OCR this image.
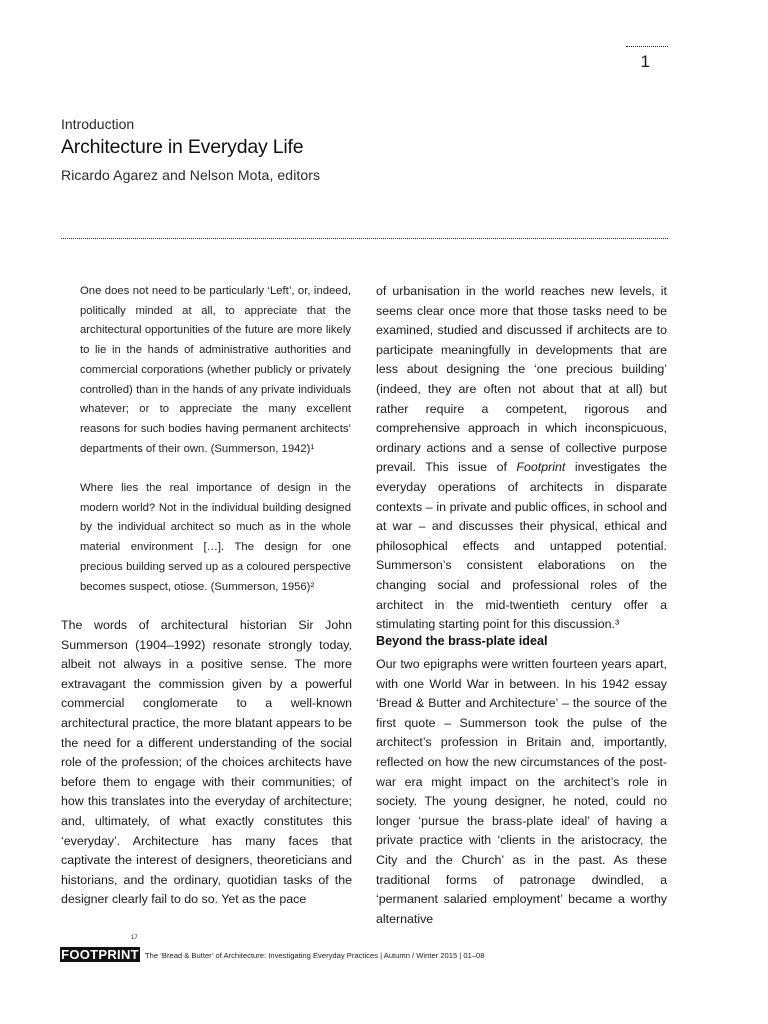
1
Introduction
Architecture in Everyday Life
Ricardo Agarez and Nelson Mota, editors

One does not need to be particularly ‘Left’, or, indeed, politically minded at all, to appreciate that the architectural opportunities of the future are more likely to lie in the hands of administrative authorities and commercial corporations (whether publicly or privately controlled) than in the hands of any private individuals whatever; or to appreciate the many excellent reasons for such bodies having permanent architects’ departments of their own. (Summerson, 1942)¹

Where lies the real importance of design in the modern world? Not in the individual building designed by the individual architect so much as in the whole material environment […]. The design for one precious building served up as a coloured perspective becomes suspect, otiose. (Summerson, 1956)²

The words of architectural historian Sir John Summerson (1904–1992) resonate strongly today, albeit not always in a positive sense. The more extravagant the commission given by a powerful commercial conglomerate to a well-known architectural practice, the more blatant appears to be the need for a different understanding of the social role of the profession; of the choices architects have before them to engage with their communities; of how this translates into the everyday of architecture; and, ultimately, of what exactly constitutes this ‘everyday’. Architecture has many faces that captivate the interest of designers, theoreticians and historians, and the ordinary, quotidian tasks of the designer clearly fail to do so. Yet as the pace

of urbanisation in the world reaches new levels, it seems clear once more that those tasks need to be examined, studied and discussed if architects are to participate meaningfully in developments that are less about designing the ‘one precious building’ (indeed, they are often not about that at all) but rather require a competent, rigorous and comprehensive approach in which inconspicuous, ordinary actions and a sense of collective purpose prevail. This issue of Footprint investigates the everyday operations of architects in disparate contexts – in private and public offices, in school and at war – and discusses their physical, ethical and philosophical effects and untapped potential. Summerson’s consistent elaborations on the changing social and professional roles of the architect in the mid-twentieth century offer a stimulating starting point for this discussion.³

Beyond the brass-plate ideal

Our two epigraphs were written fourteen years apart, with one World War in between. In his 1942 essay ‘Bread & Butter and Architecture’ – the source of the first quote – Summerson took the pulse of the architect’s profession in Britain and, importantly, reflected on how the new circumstances of the post-war era might impact on the architect’s role in society. The young designer, he noted, could no longer ‘pursue the brass-plate ideal’ of having a private practice with ‘clients in the aristocracy, the City and the Church’ as in the past. As these traditional forms of patronage dwindled, a ‘permanent salaried employment’ became a worthy alternative

17
FOOTPRINT The ‘Bread & Butter’ of Architecture: Investigating Everyday Practices | Autumn / Winter 2015 | 01–08
